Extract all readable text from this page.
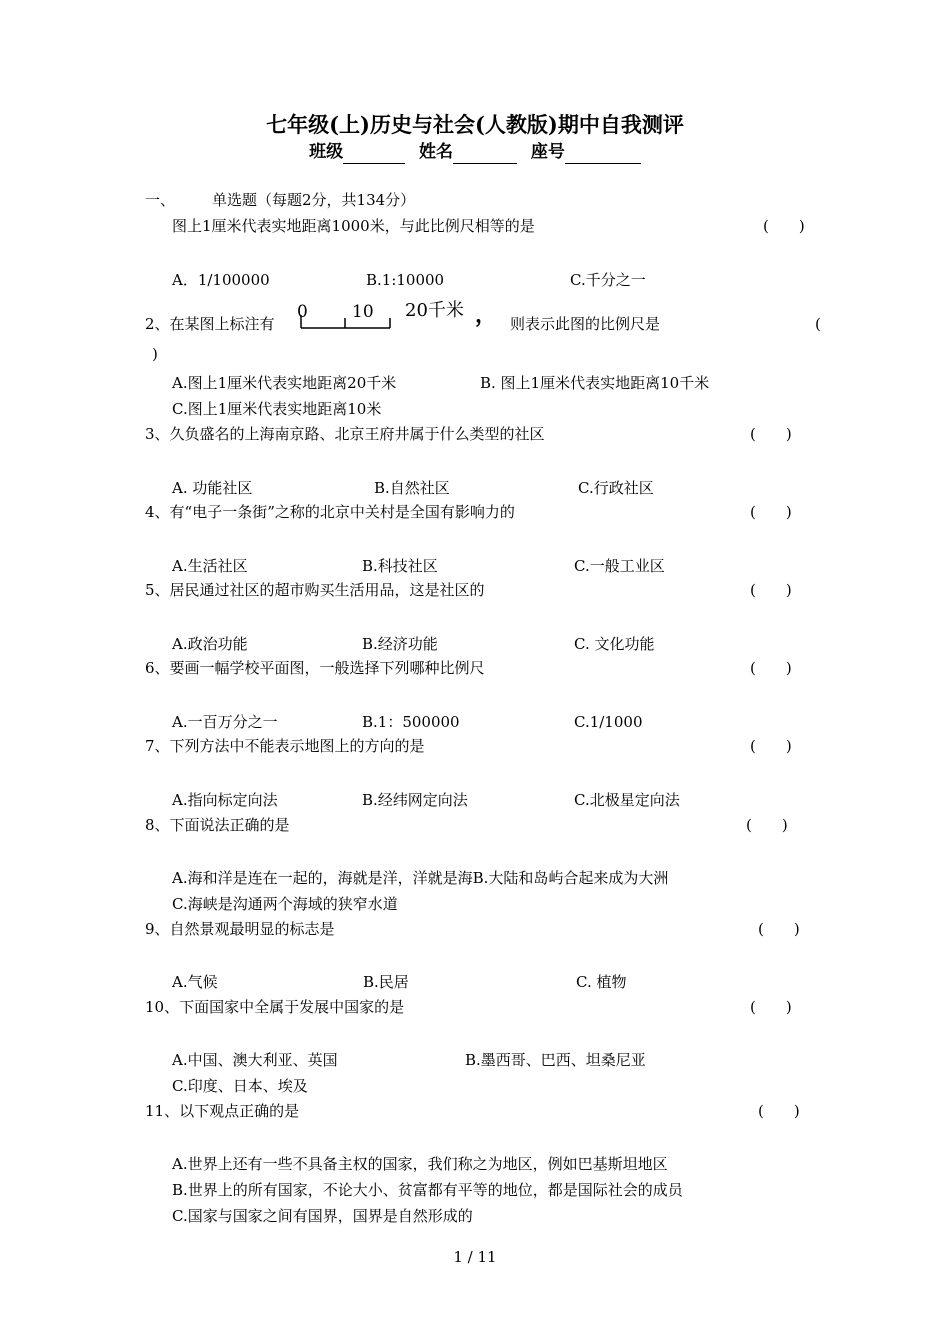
七年级(上)历史与社会(人教版)期中自我测评
班级	姓名	座号
一、 单选题（每题2分，共134分）
图上1厘米代表实地距离1000米，与此比例尺相等的是	(　　)
A．1/100000	B.1:10000	C.千分之一
2、在某图上标注有
0	10 20千米 ， 则表示此图的比例尺是	(
)
A.图上1厘米代表实地距离20千米	B. 图上1厘米代表实地距离10千米
C.图上1厘米代表实地距离10米
3、久负盛名的上海南京路、北京王府井属于什么类型的社区	(　　)
A. 功能社区	B.自然社区	C.行政社区
4、有“电子一条街”之称的北京中关村是全国有影响力的	(　　)
A.生活社区	B.科技社区	C.一般工业区
5、居民通过社区的超市购买生活用品，这是社区的	(　　)
A.政治功能	B.经济功能	C. 文化功能
6、要画一幅学校平面图，一般选择下列哪种比例尺	(　　)
A.一百万分之一	B.1：500000	C.1/1000
7、下列方法中不能表示地图上的方向的是	(　　)
A.指向标定向法	B.经纬网定向法	C.北极星定向法
8、下面说法正确的是	(　　)
A.海和洋是连在一起的，海就是洋，洋就是海B.大陆和岛屿合起来成为大洲
C.海峡是沟通两个海域的狭窄水道
9、自然景观最明显的标志是	(　　)
A.气候	B.民居	C. 植物
10、下面国家中全属于发展中国家的是	(　　)
A.中国、澳大利亚、英国	B.墨西哥、巴西、坦桑尼亚
C.印度、日本、埃及
11、以下观点正确的是	(　　)
A.世界上还有一些不具备主权的国家，我们称之为地区，例如巴基斯坦地区
B.世界上的所有国家，不论大小、贫富都有平等的地位，都是国际社会的成员
C.国家与国家之间有国界，国界是自然形成的
1 / 11
